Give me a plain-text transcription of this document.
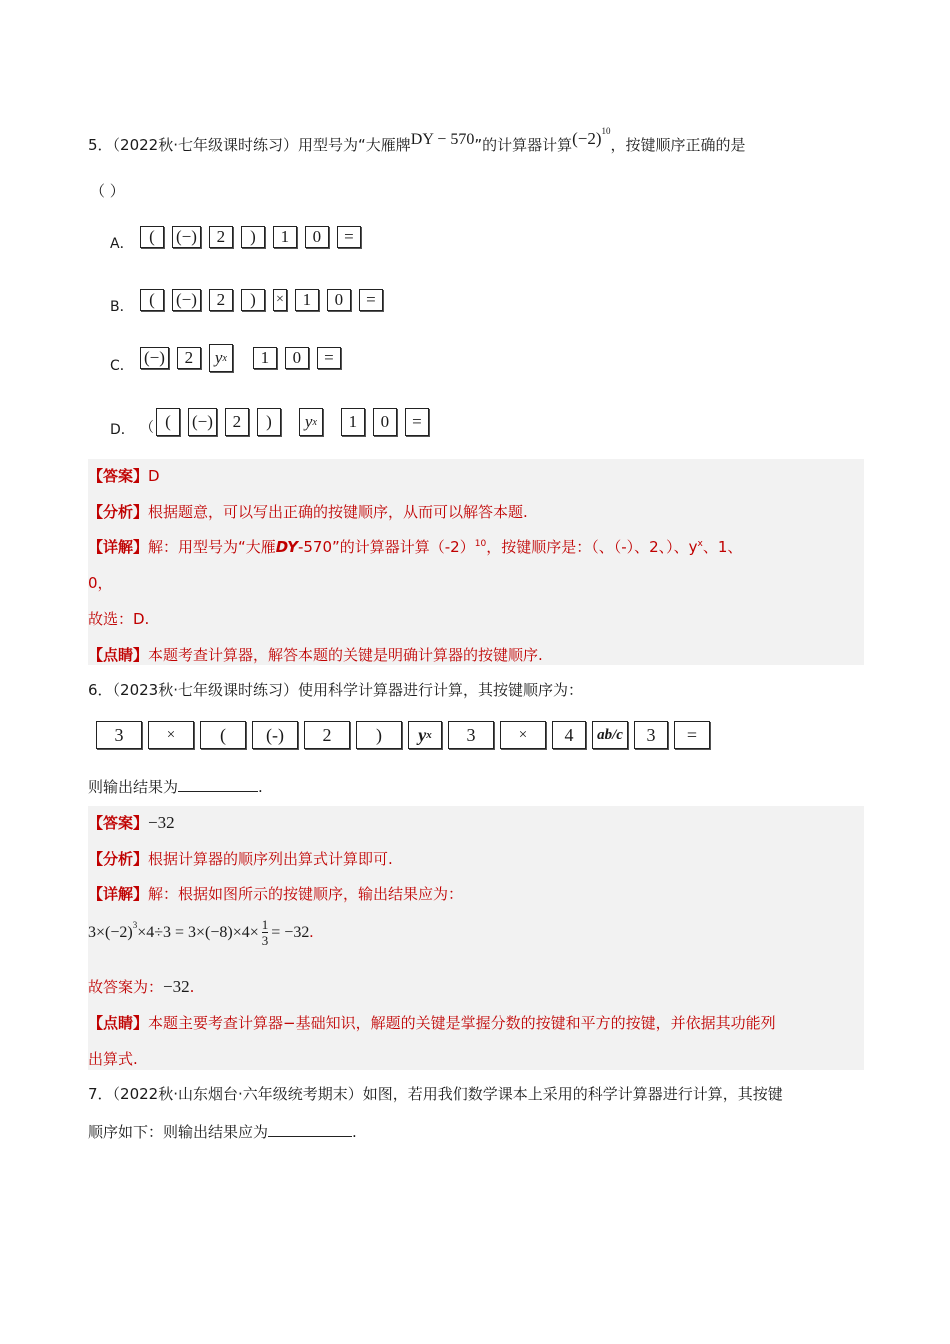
5．（2022秋·七年级课时练习）用型号为“大雁牌DY − 570”的计算器计算$(-2)^{10}$，按键顺序正确的是
（ ）
A． (	(−)	2	)	1	0	=
B． (	(−)	2	)	×	1	0	=
C． (−)	2	y x	1	0	=
D． （ (	(−)	2	)	y x	1	0	=
【答案】D
【分析】根据题意，可以写出正确的按键顺序，从而可以解答本题.
【详解】解：用型号为“大雁DY-570”的计算器计算$(-2)^{10}$，按键顺序是：（、（-）、2、）、$y^x$、1、
0，
故选：D.
【点睛】本题考查计算器，解答本题的关键是明确计算器的按键顺序.
6．（2023秋·七年级课时练习）使用科学计算器进行计算，其按键顺序为：
3	×	(	(-)	2	)	y x	3	×	4	ab/c	3	=
则输出结果为	.
【答案】−32
【分析】根据计算器的顺序列出算式计算即可.
【详解】解：根据如图所示的按键顺序，输出结果应为：
$3\times(-2)^3 \times 4\div 3 = 3\times(-8)\times 4\times \frac{1}{3} = -32$ .
故答案为：−32.
【点睛】本题主要考查计算器−基础知识，解题的关键是掌握分数的按键和平方的按键，并依据其功能列
出算式.
7．（2022秋·山东烟台·六年级统考期末）如图，若用我们数学课本上采用的科学计算器进行计算，其按键
顺序如下：则输出结果应为	.
